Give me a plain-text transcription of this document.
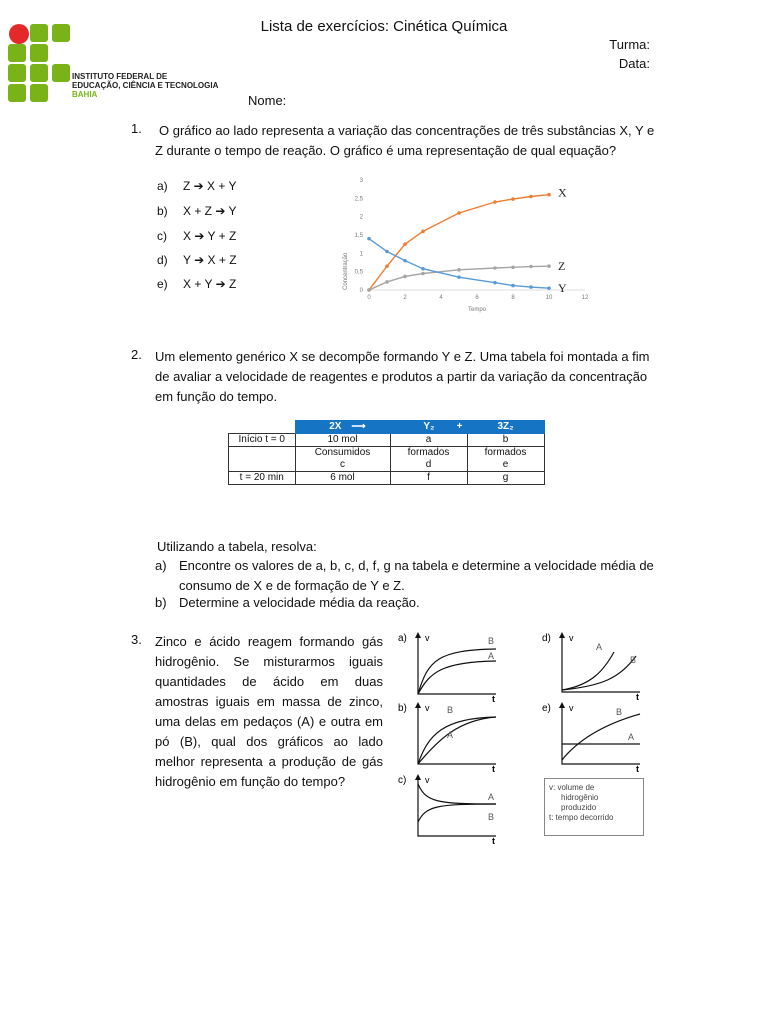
Lista de exercícios: Cinética Química
Turma:
Data:
INSTITUTO FEDERAL DE
EDUCAÇÃO, CIÊNCIA E TECNOLOGIA
BAHIA	Nome:
1.	O gráfico ao lado representa a variação das concentrações de três substâncias X, Y e Z durante o tempo de reação. O gráfico é uma representação de qual equação?
a) Z ➔ X + Y
b) X + Z ➔ Y
c) X ➔ Y + Z
d) Y ➔ X + Z
e) X + Y ➔ Z	Concentração
Tempo
0	2	4	6	8	10	12
0
0,5
1
1,5
2
2,5
3
X
Z
Y
2. Um elemento genérico X se decompõe formando Y e Z. Uma tabela foi montada a fim de avaliar a velocidade de reagentes e produtos a partir da variação da concentração em função do tempo.
	2X ⟶	Y₂ +	3Z₂
Início t = 0	10 mol	a	b
	Consumidos	formados	formados
	c	d	e
t = 20 min	6 mol	f	g
Utilizando a tabela, resolva:
a) Encontre os valores de a, b, c, d, f, g na tabela e determine a velocidade média de consumo de X e de formação de Y e Z.
b) Determine a velocidade média da reação.
3. Zinco e ácido reagem formando gás hidrogênio. Se misturarmos iguais quantidades de ácido em duas amostras iguais em massa de zinco, uma delas em pedaços (A) e outra em pó (B), qual dos gráficos ao lado melhor representa a produção de gás hidrogênio em função do tempo?
a) v	B
A
t
b) v B
A
t
c) v
A
B
t
d) v
A
B
t
e) v	B
A
t
v: volume de
hidrogênio
produzido
t: tempo decorrido
